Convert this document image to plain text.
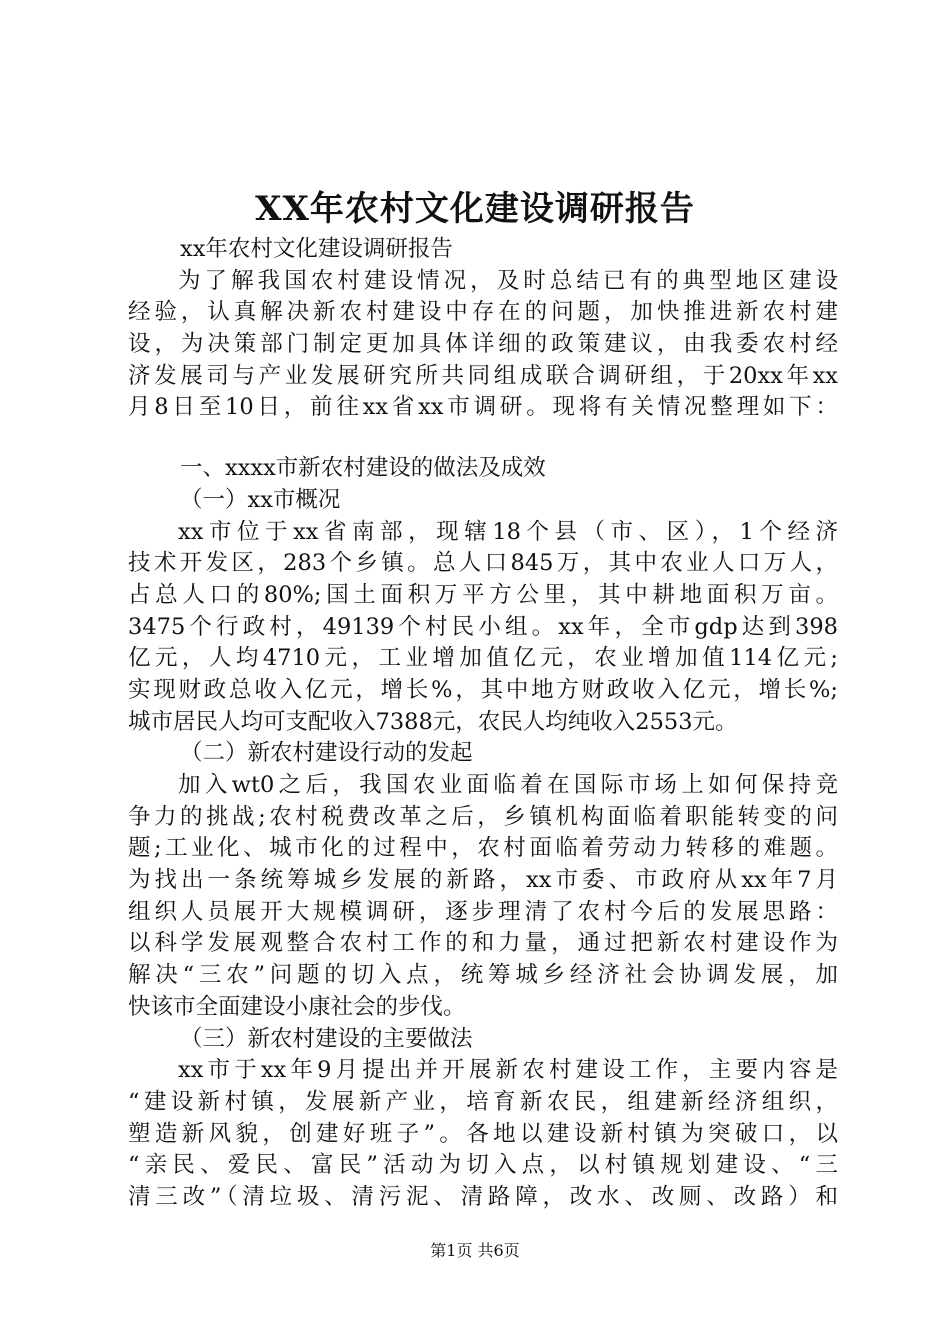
XX年农村文化建设调研报告
xx年农村文化建设调研报告
为了解我国农村建设情况，及时总结已有的典型地区建设
经验，认真解决新农村建设中存在的问题，加快推进新农村建
设，为决策部门制定更加具体详细的政策建议，由我委农村经
济发展司与产业发展研究所共同组成联合调研组，于20xx年xx
月8日至10日，前往xx省xx市调研。现将有关情况整理如下：
一、xxxx市新农村建设的做法及成效
（一）xx市概况
xx市位于xx省南部，现辖18个县（市、区），1个经济
技术开发区，283个乡镇。总人口845万，其中农业人口万人，
占总人口的80%;国土面积万平方公里，其中耕地面积万亩。
3475个行政村，49139个村民小组。xx年，全市gdp达到398
亿元，人均4710元，工业增加值亿元，农业增加值114亿元;
实现财政总收入亿元，增长%，其中地方财政收入亿元，增长%;
城市居民人均可支配收入7388元，农民人均纯收入2553元。
（二）新农村建设行动的发起
加入wt0之后，我国农业面临着在国际市场上如何保持竞
争力的挑战;农村税费改革之后，乡镇机构面临着职能转变的问
题;工业化、城市化的过程中，农村面临着劳动力转移的难题。
为找出一条统筹城乡发展的新路，xx市委、市政府从xx年7月
组织人员展开大规模调研，逐步理清了农村今后的发展思路：
以科学发展观整合农村工作的和力量，通过把新农村建设作为
解决“三农”问题的切入点，统筹城乡经济社会协调发展，加
快该市全面建设小康社会的步伐。
（三）新农村建设的主要做法
xx市于xx年9月提出并开展新农村建设工作，主要内容是
“建设新村镇，发展新产业，培育新农民，组建新经济组织，
塑造新风貌，创建好班子”。各地以建设新村镇为突破口，以
“亲民、爱民、富民”活动为切入点，以村镇规划建设、“三
清三改”（清垃圾、清污泥、清路障，改水、改厕、改路）和
第1页 共6页
